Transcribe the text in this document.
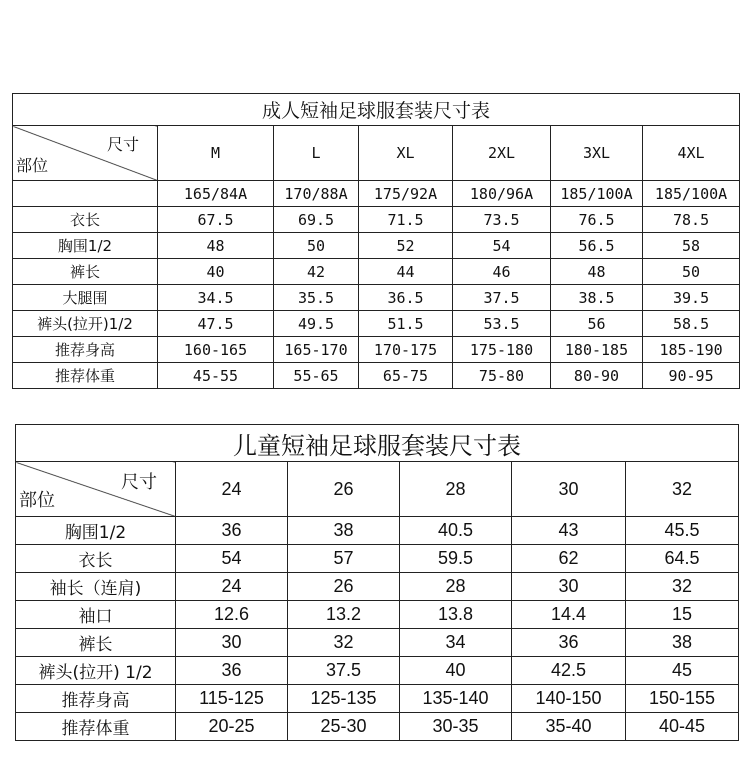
成人短袖足球服套装尺寸表						

尺寸
部位	M	L	XL	2XL	3XL	4XL
	165/84A	170/88A	175/92A	180/96A	185/100A	185/100A
衣长	67.5	69.5	71.5	73.5	76.5	78.5
胸围1/2	48	50	52	54	56.5	58
裤长	40	42	44	46	48	50
大腿围	34.5	35.5	36.5	37.5	38.5	39.5
裤头(拉开)1/2	47.5	49.5	51.5	53.5	56	58.5
推荐身高	160-165	165-170	170-175	175-180	180-185	185-190
推荐体重	45-55	55-65	65-75	75-80	80-90	90-95
儿童短袖足球服套装尺寸表					

尺寸
部位	24	26	28	30	32
胸围1/2	36	38	40.5	43	45.5
衣长	54	57	59.5	62	64.5
袖长（连肩)	24	26	28	30	32
袖口	12.6	13.2	13.8	14.4	15
裤长	30	32	34	36	38
裤头(拉开) 1/2	36	37.5	40	42.5	45
推荐身高	115-125	125-135	135-140	140-150	150-155
推荐体重	20-25	25-30	30-35	35-40	40-45
